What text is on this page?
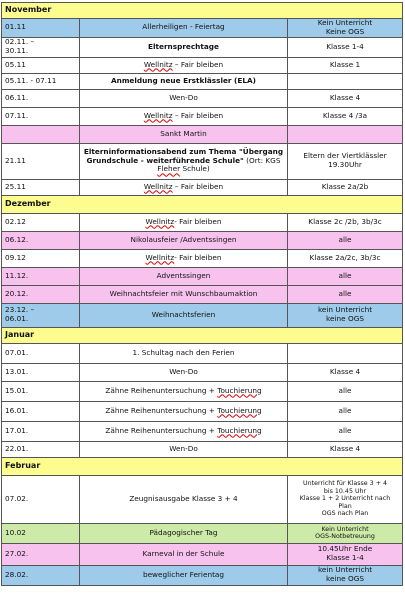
November		
01.11	Allerheiligen - Feiertag	Kein Unterricht
Keine OGS
02.11. –
30.11.	Elternsprechtage	Klasse 1-4
05.11	Wellnitz – Fair bleiben	Klasse 1
05.11. - 07.11	Anmeldung neue Erstklässler (ELA)	
06.11.	Wen-Do	Klasse 4
07.11.	Wellnitz – Fair bleiben	Klasse 4 /3a
	Sankt Martin	
21.11	Elterninformationsabend zum Thema "Übergang Grundschule - weiterführende Schule" (Ort: KGS Fleher Schule)	Eltern der Viertklässler
19.30Uhr
25.11	Wellnitz – Fair bleiben	Klasse 2a/2b
Dezember		
02.12	Wellnitz- Fair bleiben	Klasse 2c /2b, 3b/3c
06.12.	Nikolausfeier /Adventssingen	alle
09.12	Wellnitz- Fair bleiben	Klasse 2a/2c, 3b/3c
11.12.	Adventssingen	alle
20.12.	Weihnachtsfeier mit Wunschbaumaktion	alle
23.12. –
06.01.	Weihnachtsferien	kein Unterricht
keine OGS
Januar		
07.01.	1. Schultag nach den Ferien	
13.01.	Wen-Do	Klasse 4
15.01.	Zähne Reihenuntersuchung + Touchierung	alle
16.01.	Zähne Reihenuntersuchung + Touchierung	alle
17.01.	Zähne Reihenuntersuchung + Touchierung	alle
22.01.	Wen-Do	Klasse 4
Februar		
07.02.	Zeugnisausgabe Klasse 3 + 4	Unterricht für Klasse 3 + 4
bis 10.45 Uhr
Klasse 1 + 2 Unterricht nach
Plan
OGS nach Plan
10.02	Pädagogischer Tag	Kein Unterricht
OGS-Notbetreuung
27.02.	Karneval in der Schule	10.45Uhr Ende
Klasse 1-4
28.02.	beweglicher Ferientag	kein Unterricht
keine OGS
